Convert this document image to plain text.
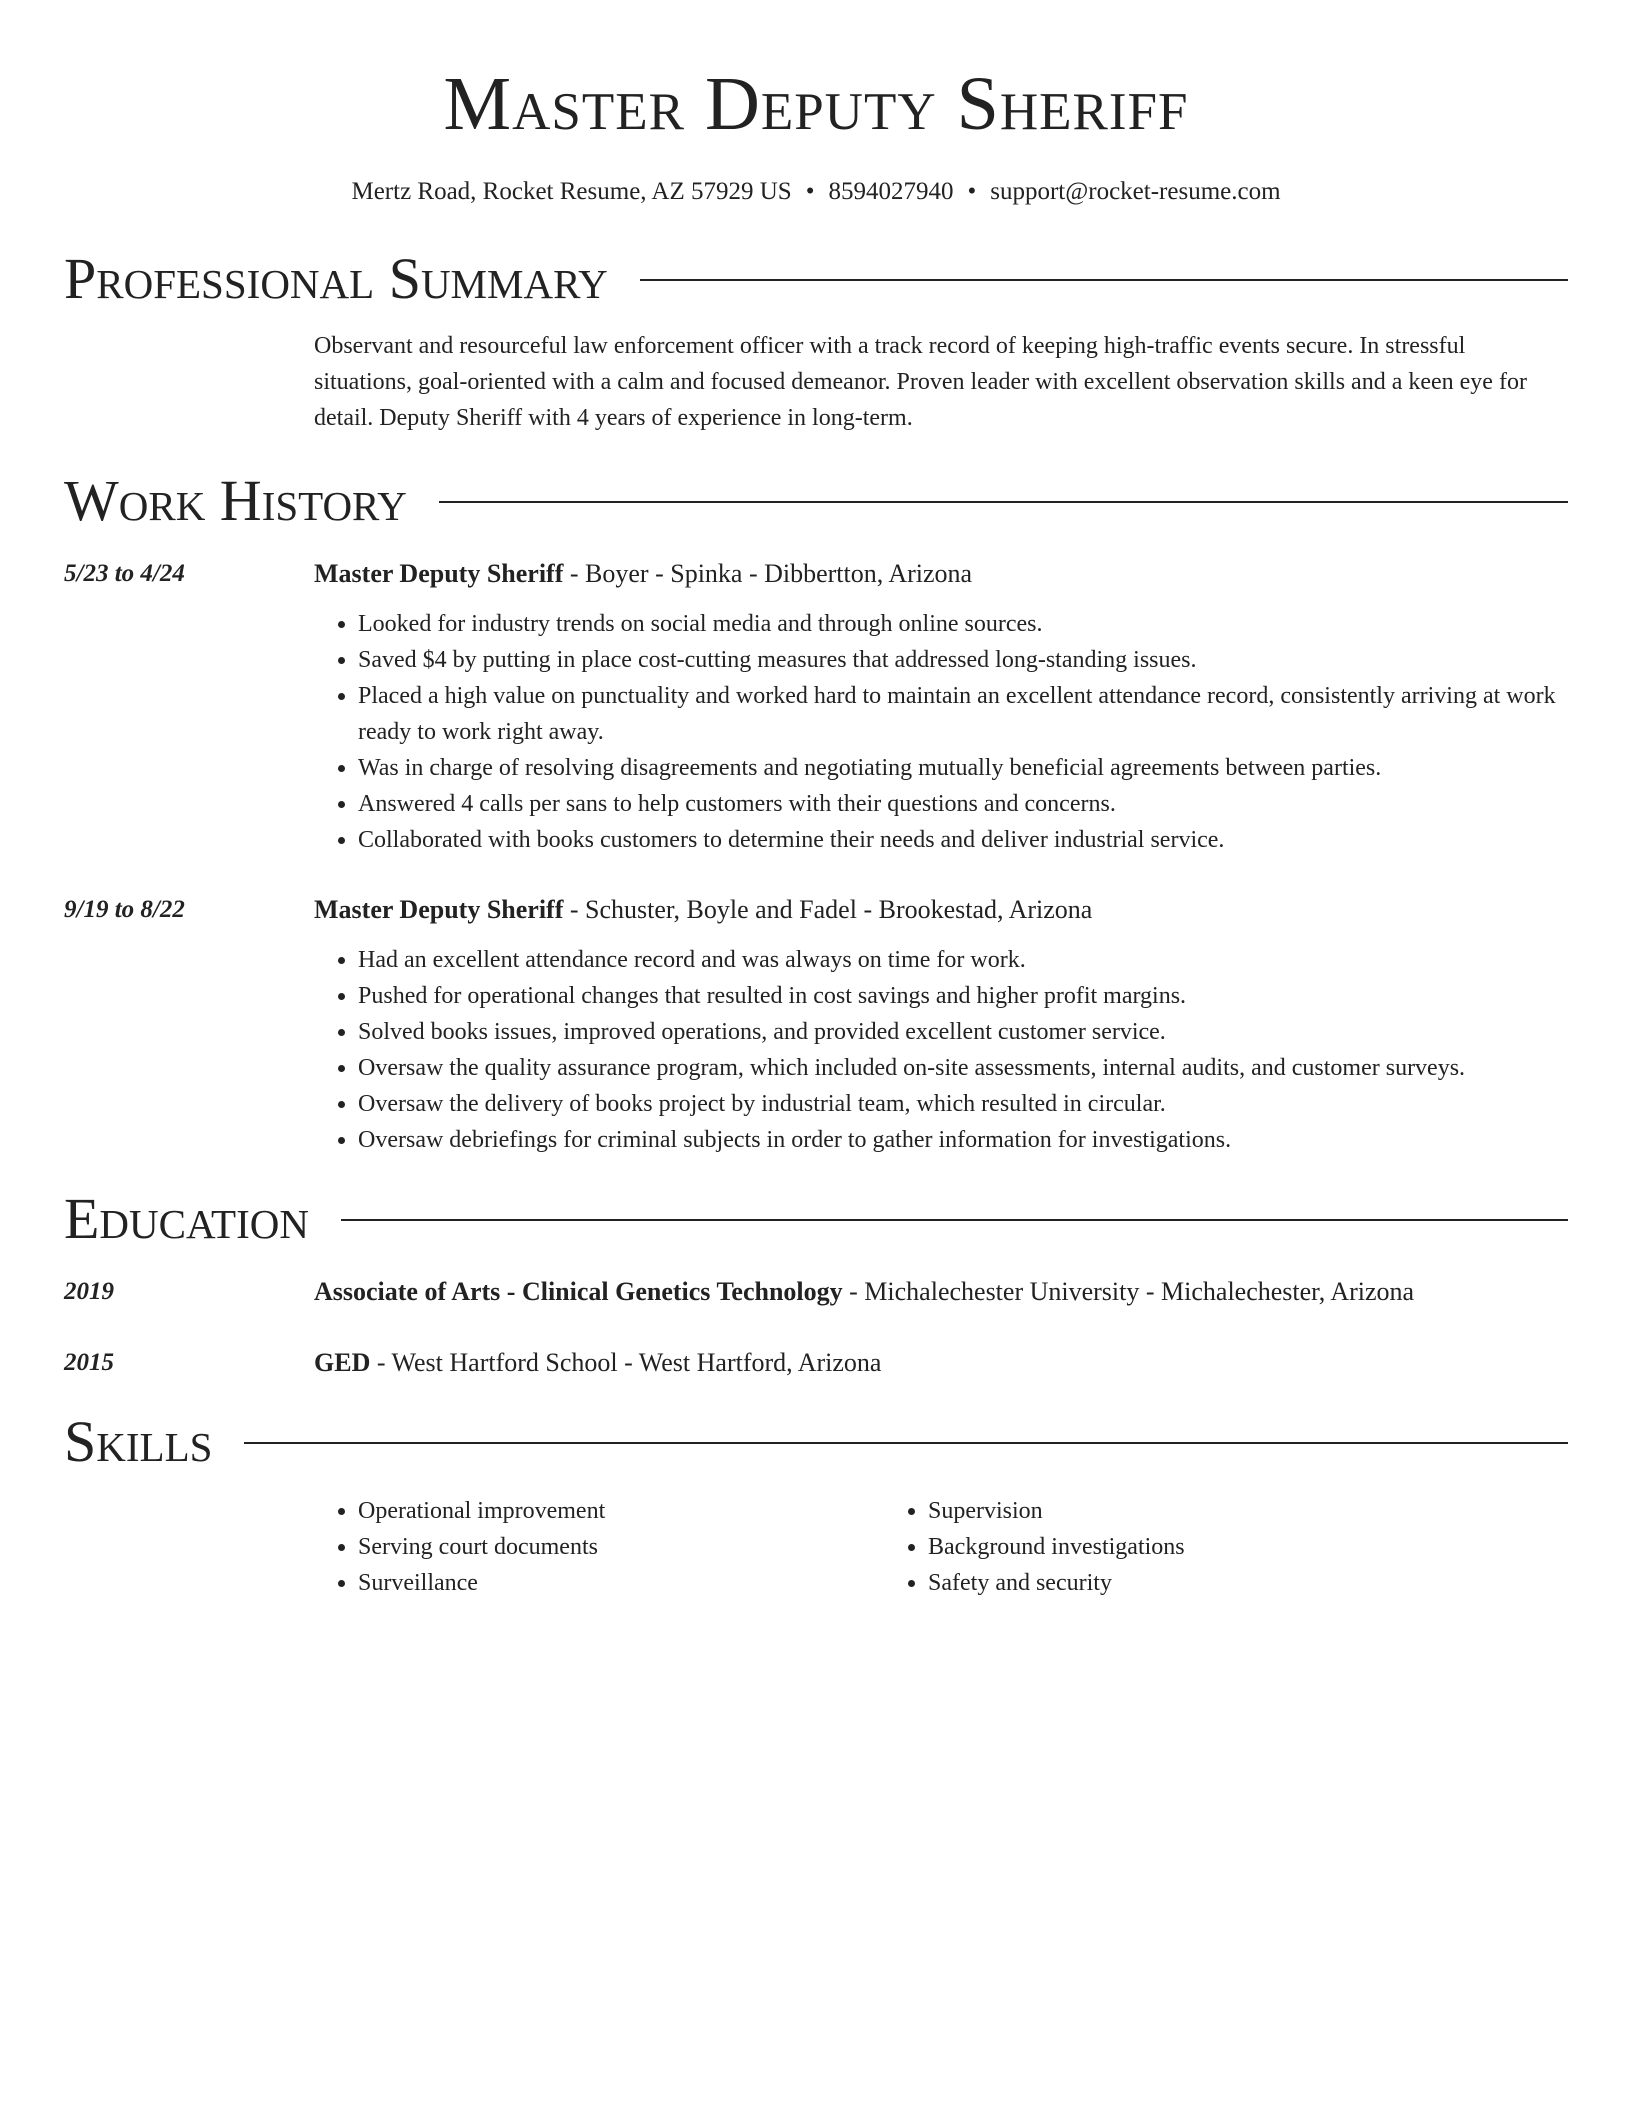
Master Deputy Sheriff
Mertz Road, Rocket Resume, AZ 57929 US • 8594027940 • support@rocket-resume.com
Professional Summary
Observant and resourceful law enforcement officer with a track record of keeping high-traffic events secure. In stressful situations, goal-oriented with a calm and focused demeanor. Proven leader with excellent observation skills and a keen eye for detail. Deputy Sheriff with 4 years of experience in long-term.
Work History
5/23 to 4/24	Master Deputy Sheriff - Boyer - Spinka - Dibbertton, Arizona
• Looked for industry trends on social media and through online sources.
• Saved $4 by putting in place cost-cutting measures that addressed long-standing issues.
• Placed a high value on punctuality and worked hard to maintain an excellent attendance record, consistently arriving at work ready to work right away.
• Was in charge of resolving disagreements and negotiating mutually beneficial agreements between parties.
• Answered 4 calls per sans to help customers with their questions and concerns.
• Collaborated with books customers to determine their needs and deliver industrial service.
9/19 to 8/22	Master Deputy Sheriff - Schuster, Boyle and Fadel - Brookestad, Arizona
• Had an excellent attendance record and was always on time for work.
• Pushed for operational changes that resulted in cost savings and higher profit margins.
• Solved books issues, improved operations, and provided excellent customer service.
• Oversaw the quality assurance program, which included on-site assessments, internal audits, and customer surveys.
• Oversaw the delivery of books project by industrial team, which resulted in circular.
• Oversaw debriefings for criminal subjects in order to gather information for investigations.
Education
2019	Associate of Arts - Clinical Genetics Technology - Michalechester University - Michalechester, Arizona
2015	GED - West Hartford School - West Hartford, Arizona
Skills
• Operational improvement
• Serving court documents
• Surveillance
• Supervision
• Background investigations
• Safety and security
